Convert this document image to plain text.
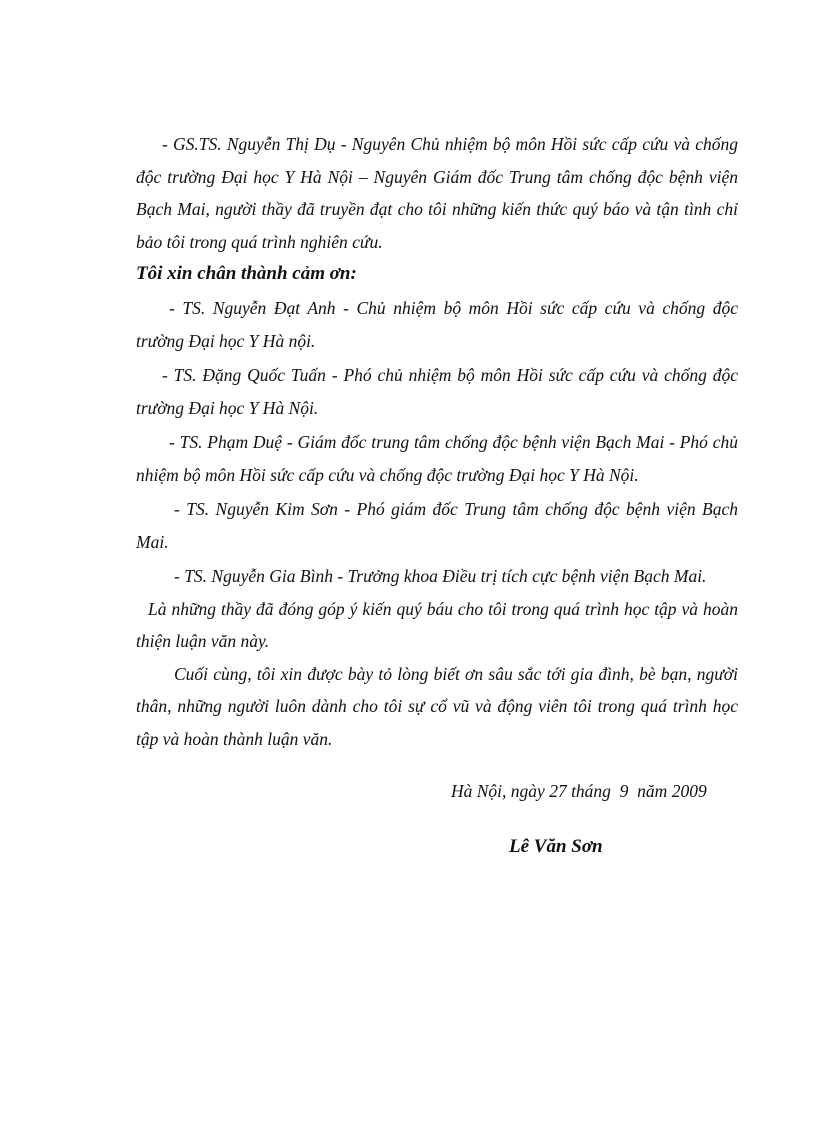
- GS.TS. Nguyễn Thị Dụ - Nguyên Chủ nhiệm bộ môn Hồi sức cấp cứu và chống độc trường Đại học Y Hà Nội – Nguyên Giám đốc Trung tâm chống độc bệnh viện Bạch Mai, người thầy đã truyền đạt cho tôi những kiến thức quý báo và tận tình chỉ bảo tôi trong quá trình nghiên cứu.

Tôi xin chân thành cảm ơn:

- TS. Nguyễn Đạt Anh - Chủ nhiệm bộ môn Hồi sức cấp cứu và chống độc trường Đại học Y Hà nội.

- TS. Đặng Quốc Tuấn - Phó chủ nhiệm bộ môn Hồi sức cấp cứu và chống độc trường Đại học Y Hà Nội.

- TS. Phạm Duệ - Giám đốc trung tâm chống độc bệnh viện Bạch Mai - Phó chủ nhiệm bộ môn Hồi sức cấp cứu và chống độc trường Đại học Y Hà Nội.

- TS. Nguyễn Kim Sơn - Phó giám đốc Trung tâm chống độc bệnh viện Bạch Mai.

- TS. Nguyễn Gia Bình - Trưởng khoa Điều trị tích cực bệnh viện Bạch Mai.

Là những thầy đã đóng góp ý kiến quý báu cho tôi trong quá trình học tập và hoàn thiện luận văn này.

Cuối cùng, tôi xin được bày tỏ lòng biết ơn sâu sắc tới gia đình, bè bạn, người thân, những người luôn dành cho tôi sự cổ vũ và động viên tôi trong quá trình học tập và hoàn thành luận văn.

Hà Nội, ngày 27 tháng  9  năm 2009
Lê Văn Sơn
